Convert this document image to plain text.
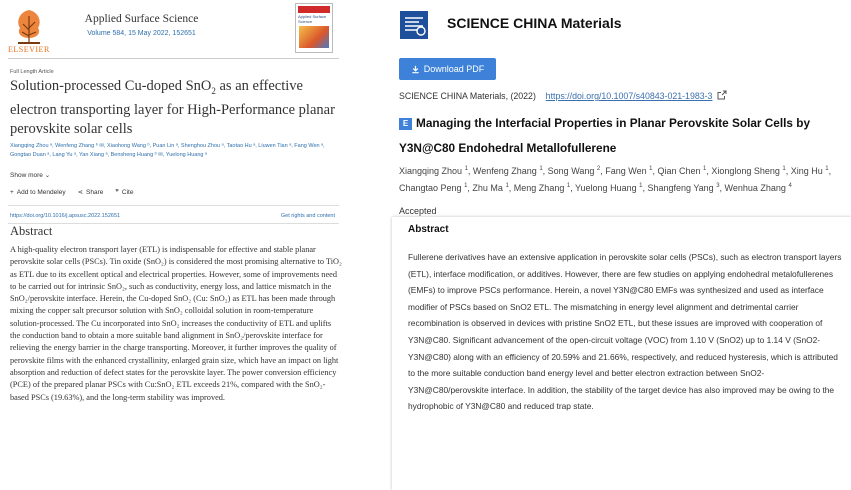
ELSEVIER
Applied Surface Science
Volume 584, 15 May 2022, 152651
Applied Surface Science
Full Length Article
Solution-processed Cu-doped SnO$_2$ as an effective electron transporting layer for High-Performance planar perovskite solar cells
Xiangqing Zhou ᵃ, Wenfeng Zhang ᵇ ✉, Xiaohong Wang ᵇ, Puan Lin ᵃ, Shenghou Zhou ᵃ, Taotao Hu ᵃ, Liuwen Tian ᵃ, Fang Wen ᵃ, Gongtao Duan ᵃ, Lang Yu ᵃ, Yan Xiang ᵃ, Bensheng Huang ᵇ ✉, Yuelong Huang ᵃ
Show more ⌄
+ Add to Mendeley ⋖ Share ❞ Cite
https://doi.org/10.1016/j.apsusc.2022.152651	Get rights and content
Abstract
A high-quality electron transport layer (ETL) is indispensable for effective and stable planar perovskite solar cells (PSCs). Tin oxide (SnO₂) is considered the most promising alternative to TiO₂ as ETL due to its excellent optical and electrical properties. However, some of improvements need to be carried out for intrinsic SnO₂, such as conductivity, energy loss, and lattice mismatch in the SnO₂/perovskite interface. Herein, the Cu-doped SnO₂ (Cu: SnO₂) as ETL has been made through mixing the copper salt precursor solution with SnO₂ colloidal solution in room-temperature solution-processed. The Cu incorporated into SnO₂ increases the conductivity of ETL and uplifts the conduction band to obtain a more suitable band alignment in SnO₂/perovskite interface for relieving the energy barrier in the charge transporting. Moreover, it further improves the quality of perovskite films with the enhanced crystallinity, enlarged grain size, which have an impact on light absorption and reduction of defect states for the perovskite layer. The power conversion efficiency (PCE) of the prepared planar PSCs with Cu:SnO₂ ETL exceeds 21%, compared with the SnO₂-based PSCs (19.63%), and the long-term stability was improved.
SCIENCE CHINA Materials
Download PDF
SCIENCE CHINA Materials, (2022) https://doi.org/10.1007/s40843-021-1983-3
E Managing the Interfacial Properties in Planar Perovskite Solar Cells by Y3N@C80 Endohedral Metallofullerene
Xiangqing Zhou $^1$, Wenfeng Zhang $^1$, Song Wang $^2$, Fang Wen $^1$, Qian Chen $^1$, Xionglong Sheng $^1$, Xing Hu $^1$, Changtao Peng $^1$, Zhu Ma $^1$, Meng Zhang $^1$, Yuelong Huang $^1$, Shangfeng Yang $^3$, Wenhua Zhang $^4$
Accepted
Abstract
Fullerene derivatives have an extensive application in perovskite solar cells (PSCs), such as electron transport layers (ETL), interface modification, or additives. However, there are few studies on applying endohedral metalofullerenes (EMFs) to improve PSCs performance. Herein, a novel Y3N@C80 EMFs was synthesized and used as interface modifier of PSCs based on SnO2 ETL. The mismatching in energy level alignment and detrimental carrier recombination is observed in devices with pristine SnO2 ETL, but these issues are improved with cooperation of Y3N@C80. Significant advancement of the open-circuit voltage (VOC) from 1.10 V (SnO2) up to 1.14 V (SnO2-Y3N@C80) along with an efficiency of 20.59% and 21.66%, respectively, and reduced hysteresis, which is attributed to the more suitable conduction band energy level and better electron extraction between SnO2-Y3N@C80/perovskite interface. In addition, the stability of the target device has also improved may be owing to the hydrophobic of Y3N@C80 and reduced trap state.
